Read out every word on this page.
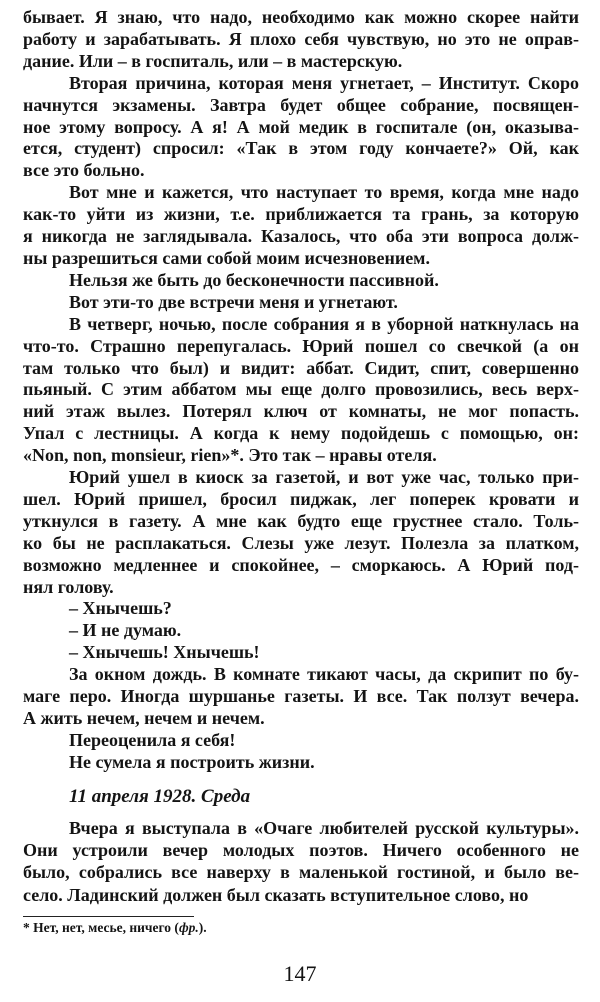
бывает. Я знаю, что надо, необходимо как можно скорее найти
работу и зарабатывать. Я плохо себя чувствую, но это не оправ-
дание. Или – в госпиталь, или – в мастерскую.
Вторая причина, которая меня угнетает, – Институт. Скоро
начнутся экзамены. Завтра будет общее собрание, посвящен-
ное этому вопросу. А я! А мой медик в госпитале (он, оказыва-
ется, студент) спросил: «Так в этом году кончаете?» Ой, как
все это больно.
Вот мне и кажется, что наступает то время, когда мне надо
как-то уйти из жизни, т.е. приближается та грань, за которую
я никогда не заглядывала. Казалось, что оба эти вопроса долж-
ны разрешиться сами собой моим исчезновением.
Нельзя же быть до бесконечности пассивной.
Вот эти-то две встречи меня и угнетают.
В четверг, ночью, после собрания я в уборной наткнулась на
что-то. Страшно перепугалась. Юрий пошел со свечкой (а он
там только что был) и видит: аббат. Сидит, спит, совершенно
пьяный. С этим аббатом мы еще долго провозились, весь верх-
ний этаж вылез. Потерял ключ от комнаты, не мог попасть.
Упал с лестницы. А когда к нему подойдешь с помощью, он:
«Non, non, monsieur, rien»*. Это так – нравы отеля.
Юрий ушел в киоск за газетой, и вот уже час, только при-
шел. Юрий пришел, бросил пиджак, лег поперек кровати и
уткнулся в газету. А мне как будто еще грустнее стало. Толь-
ко бы не расплакаться. Слезы уже лезут. Полезла за платком,
возможно медленнее и спокойнее, – сморкаюсь. А Юрий под-
нял голову.
– Хнычешь?
– И не думаю.
– Хнычешь! Хнычешь!
За окном дождь. В комнате тикают часы, да скрипит по бу-
маге перо. Иногда шуршанье газеты. И все. Так ползут вечера.
А жить нечем, нечем и нечем.
Переоценила я себя!
Не сумела я построить жизни.
11 апреля 1928. Среда
Вчера я выступала в «Очаге любителей русской культуры».
Они устроили вечер молодых поэтов. Ничего особенного не
было, собрались все наверху в маленькой гостиной, и было ве-
село. Ладинский должен был сказать вступительное слово, но
* Нет, нет, месье, ничего (фр.).
147
